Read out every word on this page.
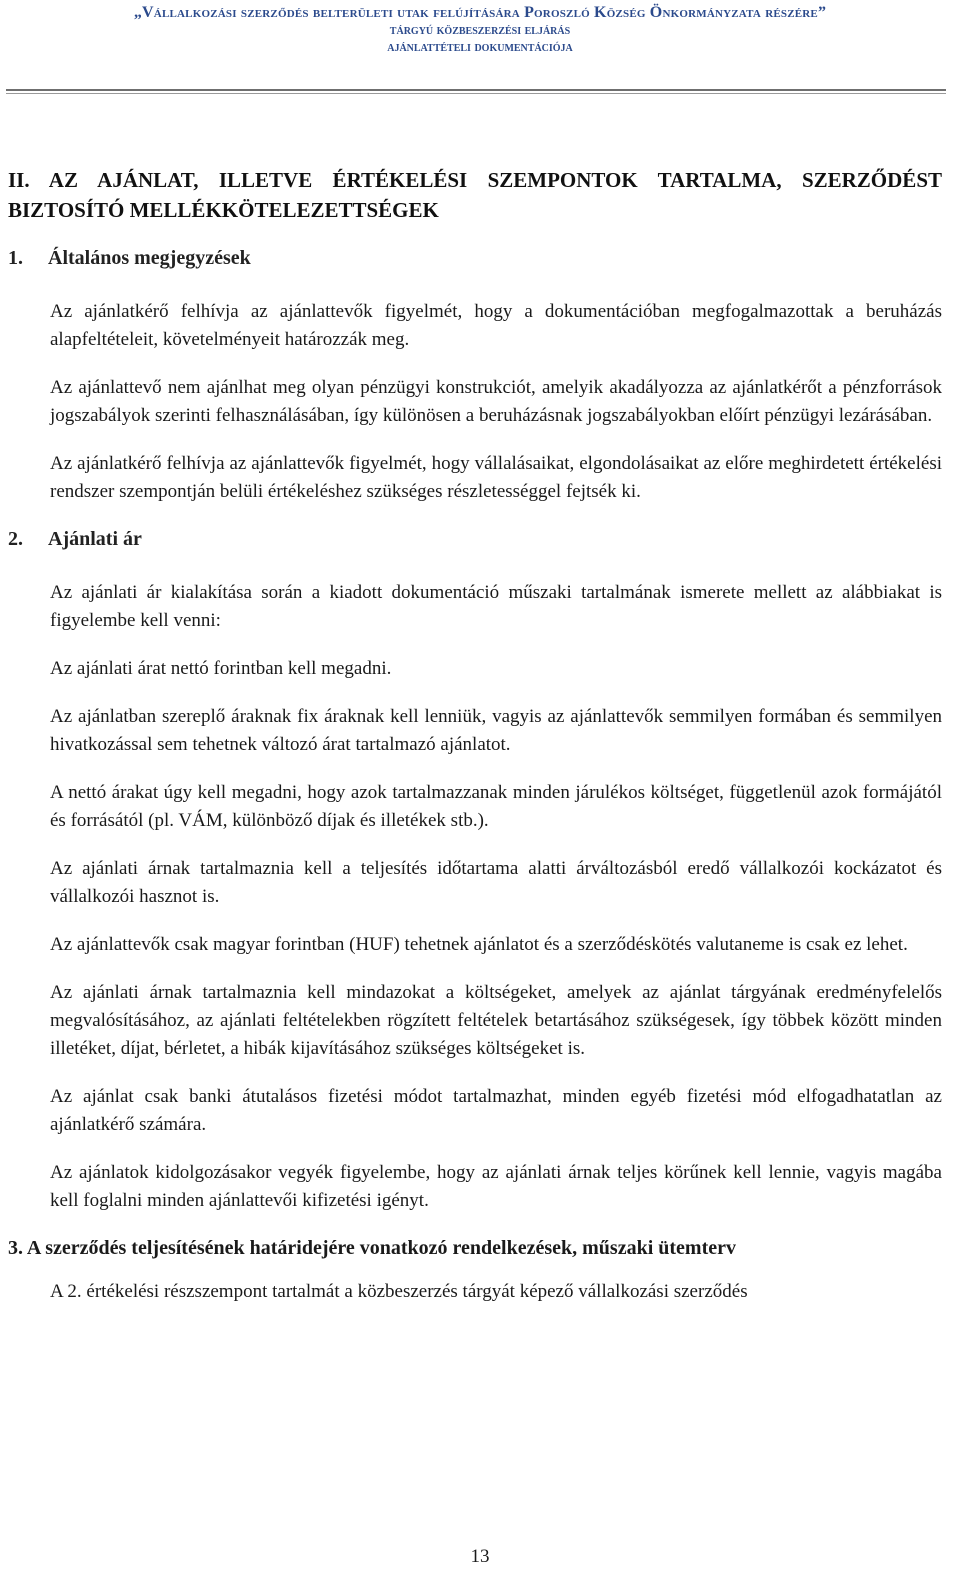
„Vállalkozási szerződés belterületi utak felújítására Poroszló Község Önkormányzata részére”
tárgyú közbeszerzési eljárás
ajánlattételi dokumentációja
II. AZ AJÁNLAT, ILLETVE ÉRTÉKELÉSI SZEMPONTOK TARTALMA, SZERZŐDÉST BIZTOSÍTÓ MELLÉKKÖTELEZETTSÉGEK
1. Általános megjegyzések
Az ajánlatkérő felhívja az ajánlattevők figyelmét, hogy a dokumentációban megfogalmazottak a beruházás alapfeltételeit, követelményeit határozzák meg.
Az ajánlattevő nem ajánlhat meg olyan pénzügyi konstrukciót, amelyik akadályozza az ajánlatkérőt a pénzforrások jogszabályok szerinti felhasználásában, így különösen a beruházásnak jogszabályokban előírt pénzügyi lezárásában.
Az ajánlatkérő felhívja az ajánlattevők figyelmét, hogy vállalásaikat, elgondolásaikat az előre meghirdetett értékelési rendszer szempontján belüli értékeléshez szükséges részletességgel fejtsék ki.
2. Ajánlati ár
Az ajánlati ár kialakítása során a kiadott dokumentáció műszaki tartalmának ismerete mellett az alábbiakat is figyelembe kell venni:
Az ajánlati árat nettó forintban kell megadni.
Az ajánlatban szereplő áraknak fix áraknak kell lenniük, vagyis az ajánlattevők semmilyen formában és semmilyen hivatkozással sem tehetnek változó árat tartalmazó ajánlatot.
A nettó árakat úgy kell megadni, hogy azok tartalmazzanak minden járulékos költséget, függetlenül azok formájától és forrásától (pl. VÁM, különböző díjak és illetékek stb.).
Az ajánlati árnak tartalmaznia kell a teljesítés időtartama alatti árváltozásból eredő vállalkozói kockázatot és vállalkozói hasznot is.
Az ajánlattevők csak magyar forintban (HUF) tehetnek ajánlatot és a szerződéskötés valutaneme is csak ez lehet.
Az ajánlati árnak tartalmaznia kell mindazokat a költségeket, amelyek az ajánlat tárgyának eredményfelelős megvalósításához, az ajánlati feltételekben rögzített feltételek betartásához szükségesek, így többek között minden illetéket, díjat, bérletet, a hibák kijavításához szükséges költségeket is.
Az ajánlat csak banki átutalásos fizetési módot tartalmazhat, minden egyéb fizetési mód elfogadhatatlan az ajánlatkérő számára.
Az ajánlatok kidolgozásakor vegyék figyelembe, hogy az ajánlati árnak teljes körűnek kell lennie, vagyis magába kell foglalni minden ajánlattevői kifizetési igényt.
3. A szerződés teljesítésének határidejére vonatkozó rendelkezések, műszaki ütemterv
A 2. értékelési részszempont tartalmát a közbeszerzés tárgyát képező vállalkozási szerződés
13
